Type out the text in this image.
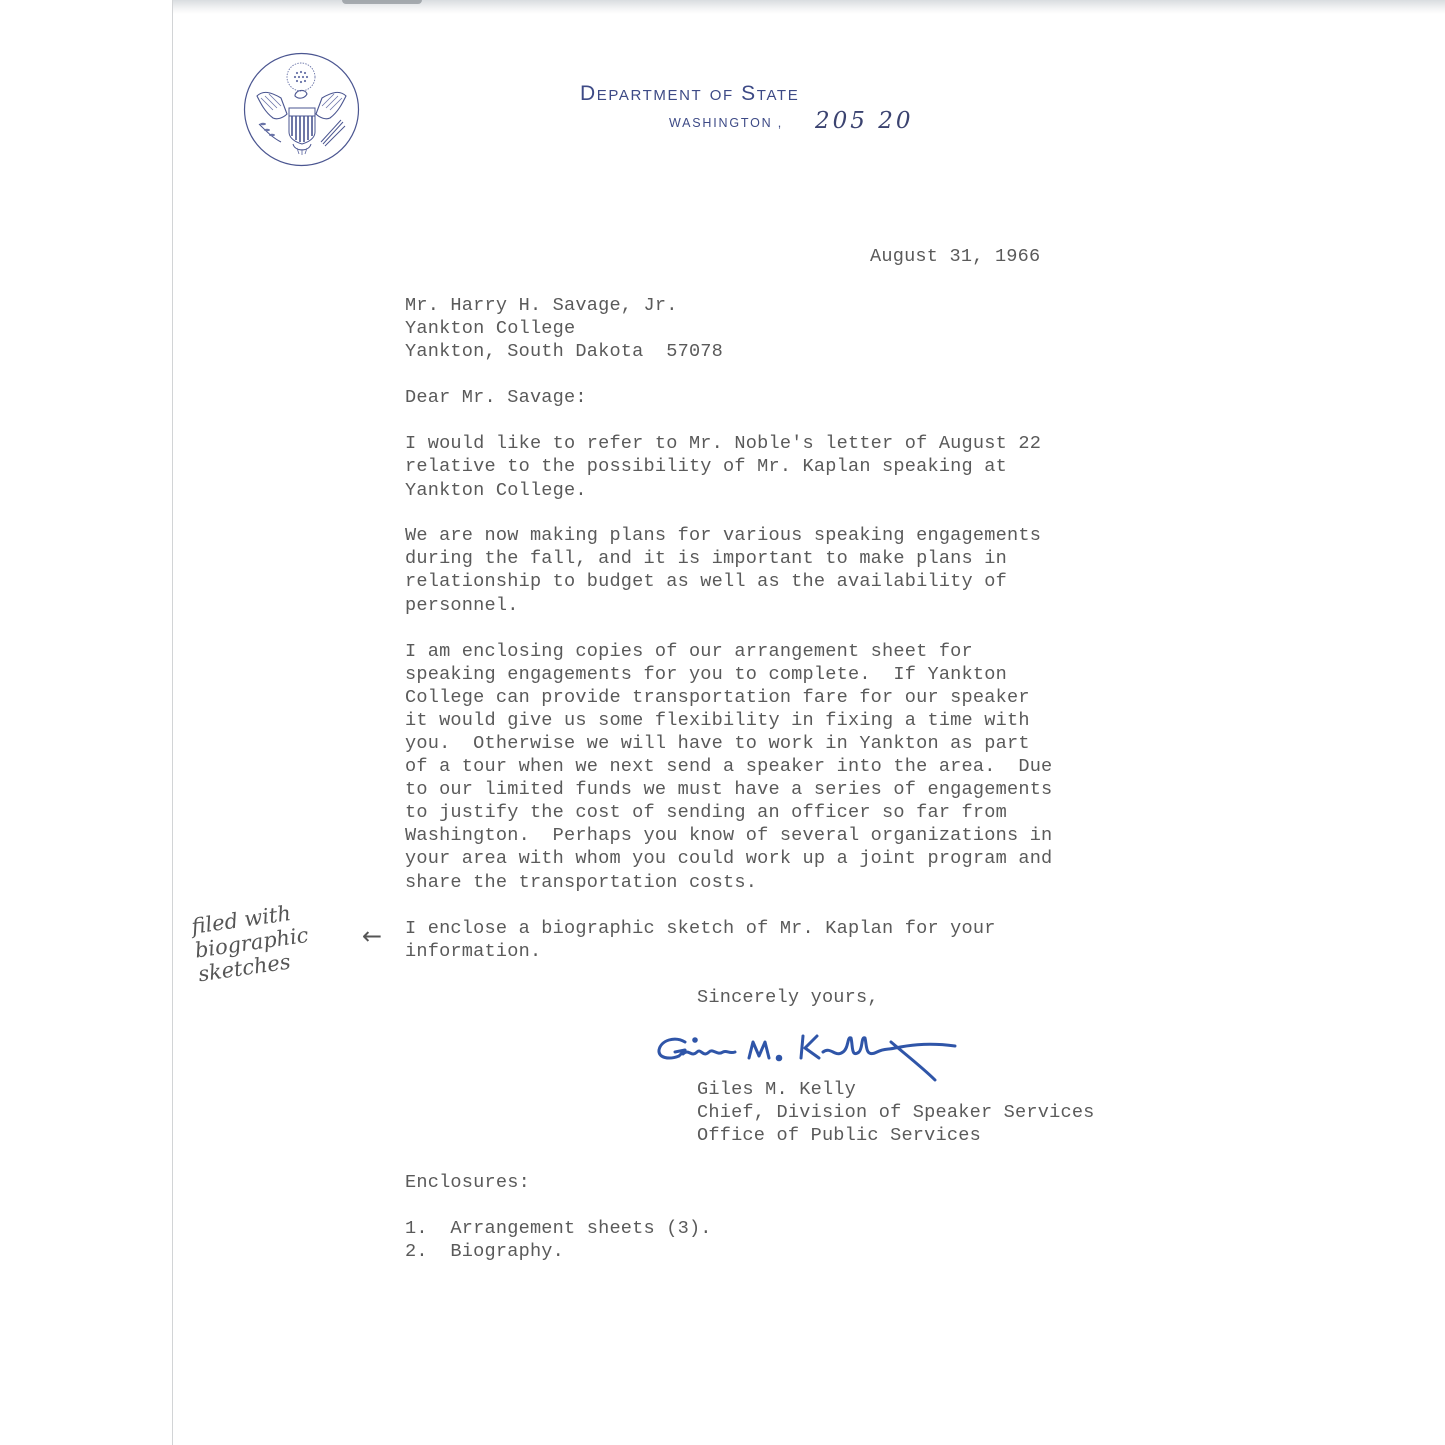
Department of State
WASHINGTON , 205 20
August 31, 1966
Mr. Harry H. Savage, Jr.
Yankton College
Yankton, South Dakota  57078
Dear Mr. Savage:
I would like to refer to Mr. Noble's letter of August 22
relative to the possibility of Mr. Kaplan speaking at
Yankton College.
We are now making plans for various speaking engagements
during the fall, and it is important to make plans in
relationship to budget as well as the availability of
personnel.
I am enclosing copies of our arrangement sheet for
speaking engagements for you to complete.  If Yankton
College can provide transportation fare for our speaker
it would give us some flexibility in fixing a time with
you.  Otherwise we will have to work in Yankton as part
of a tour when we next send a speaker into the area.  Due
to our limited funds we must have a series of engagements
to justify the cost of sending an officer so far from
Washington.  Perhaps you know of several organizations in
your area with whom you could work up a joint program and
share the transportation costs.
I enclose a biographic sketch of Mr. Kaplan for your
information.
filed with
biographic
sketches
←
Sincerely yours,
Giles M. Kelly
Chief, Division of Speaker Services
Office of Public Services
Enclosures:
1.  Arrangement sheets (3).
2.  Biography.
